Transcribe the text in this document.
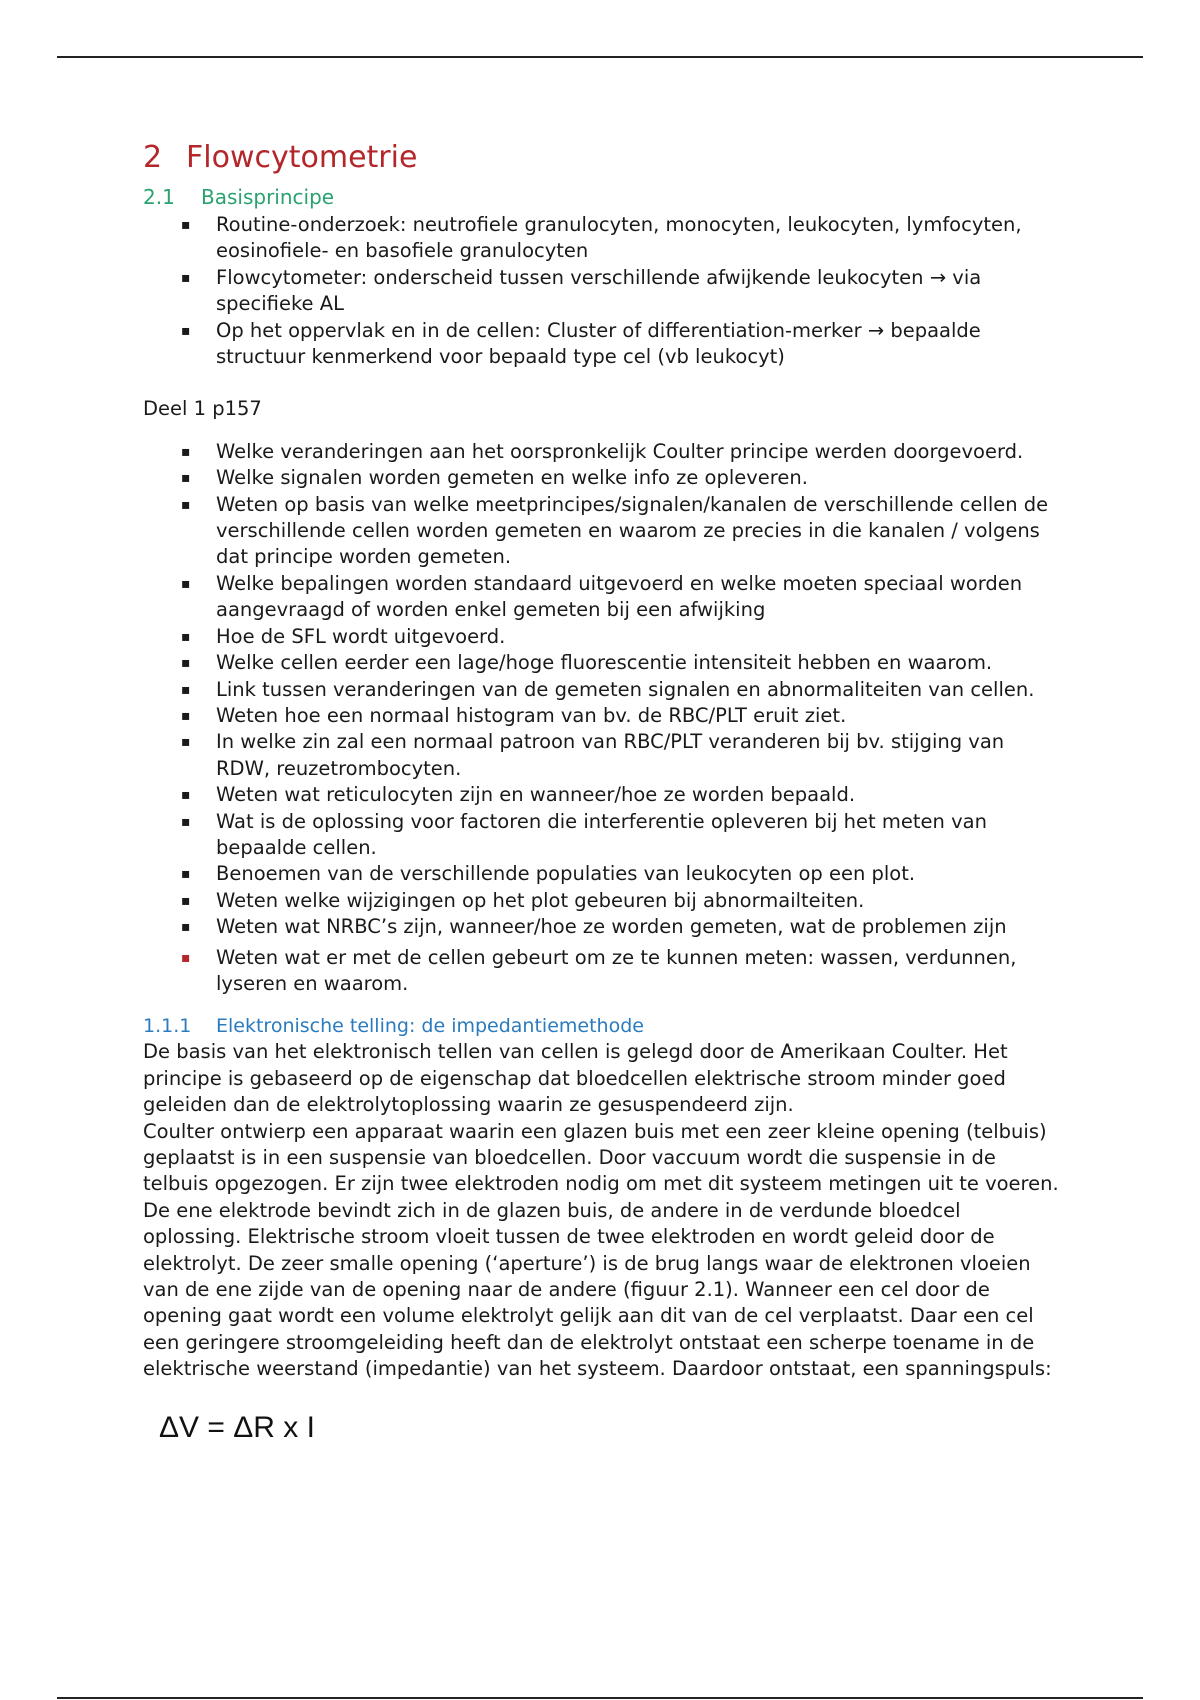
2 Flowcytometrie
2.1 Basisprincipe
▪ Routine-onderzoek: neutrofiele granulocyten, monocyten, leukocyten, lymfocyten, eosinofiele- en basofiele granulocyten
▪ Flowcytometer: onderscheid tussen verschillende afwijkende leukocyten → via specifieke AL
▪ Op het oppervlak en in de cellen: Cluster of differentiation-merker → bepaalde structuur kenmerkend voor bepaald type cel (vb leukocyt)
Deel 1 p157
▪ Welke veranderingen aan het oorspronkelijk Coulter principe werden doorgevoerd.
▪ Welke signalen worden gemeten en welke info ze opleveren.
▪ Weten op basis van welke meetprincipes/signalen/kanalen de verschillende cellen de verschillende cellen worden gemeten en waarom ze precies in die kanalen / volgens dat principe worden gemeten.
▪ Welke bepalingen worden standaard uitgevoerd en welke moeten speciaal worden aangevraagd of worden enkel gemeten bij een afwijking
▪ Hoe de SFL wordt uitgevoerd.
▪ Welke cellen eerder een lage/hoge fluorescentie intensiteit hebben en waarom.
▪ Link tussen veranderingen van de gemeten signalen en abnormaliteiten van cellen.
▪ Weten hoe een normaal histogram van bv. de RBC/PLT eruit ziet.
▪ In welke zin zal een normaal patroon van RBC/PLT veranderen bij bv. stijging van RDW, reuzetrombocyten.
▪ Weten wat reticulocyten zijn en wanneer/hoe ze worden bepaald.
▪ Wat is de oplossing voor factoren die interferentie opleveren bij het meten van bepaalde cellen.
▪ Benoemen van de verschillende populaties van leukocyten op een plot.
▪ Weten welke wijzigingen op het plot gebeuren bij abnormailteiten.
▪ Weten wat NRBC’s zijn, wanneer/hoe ze worden gemeten, wat de problemen zijn
▪ Weten wat er met de cellen gebeurt om ze te kunnen meten: wassen, verdunnen, lyseren en waarom.
1.1.1 Elektronische telling: de impedantiemethode

De basis van het elektronisch tellen van cellen is gelegd door de Amerikaan Coulter. Het principe is gebaseerd op de eigenschap dat bloedcellen elektrische stroom minder goed geleiden dan de elektrolytoplossing waarin ze gesuspendeerd zijn.

Coulter ontwierp een apparaat waarin een glazen buis met een zeer kleine opening (telbuis) geplaatst is in een suspensie van bloedcellen. Door vaccuum wordt die suspensie in de telbuis opgezogen. Er zijn twee elektroden nodig om met dit systeem metingen uit te voeren. De ene elektrode bevindt zich in de glazen buis, de andere in de verdunde bloedcel oplossing. Elektrische stroom vloeit tussen de twee elektroden en wordt geleid door de elektrolyt. De zeer smalle opening (‘aperture’) is de brug langs waar de elektronen vloeien van de ene zijde van de opening naar de andere (figuur 2.1). Wanneer een cel door de opening gaat wordt een volume elektrolyt gelijk aan dit van de cel verplaatst. Daar een cel een geringere stroomgeleiding heeft dan de elektrolyt ontstaat een scherpe toename in de elektrische weerstand (impedantie) van het systeem. Daardoor ontstaat, een spanningspuls:

ΔV = ΔR x I
